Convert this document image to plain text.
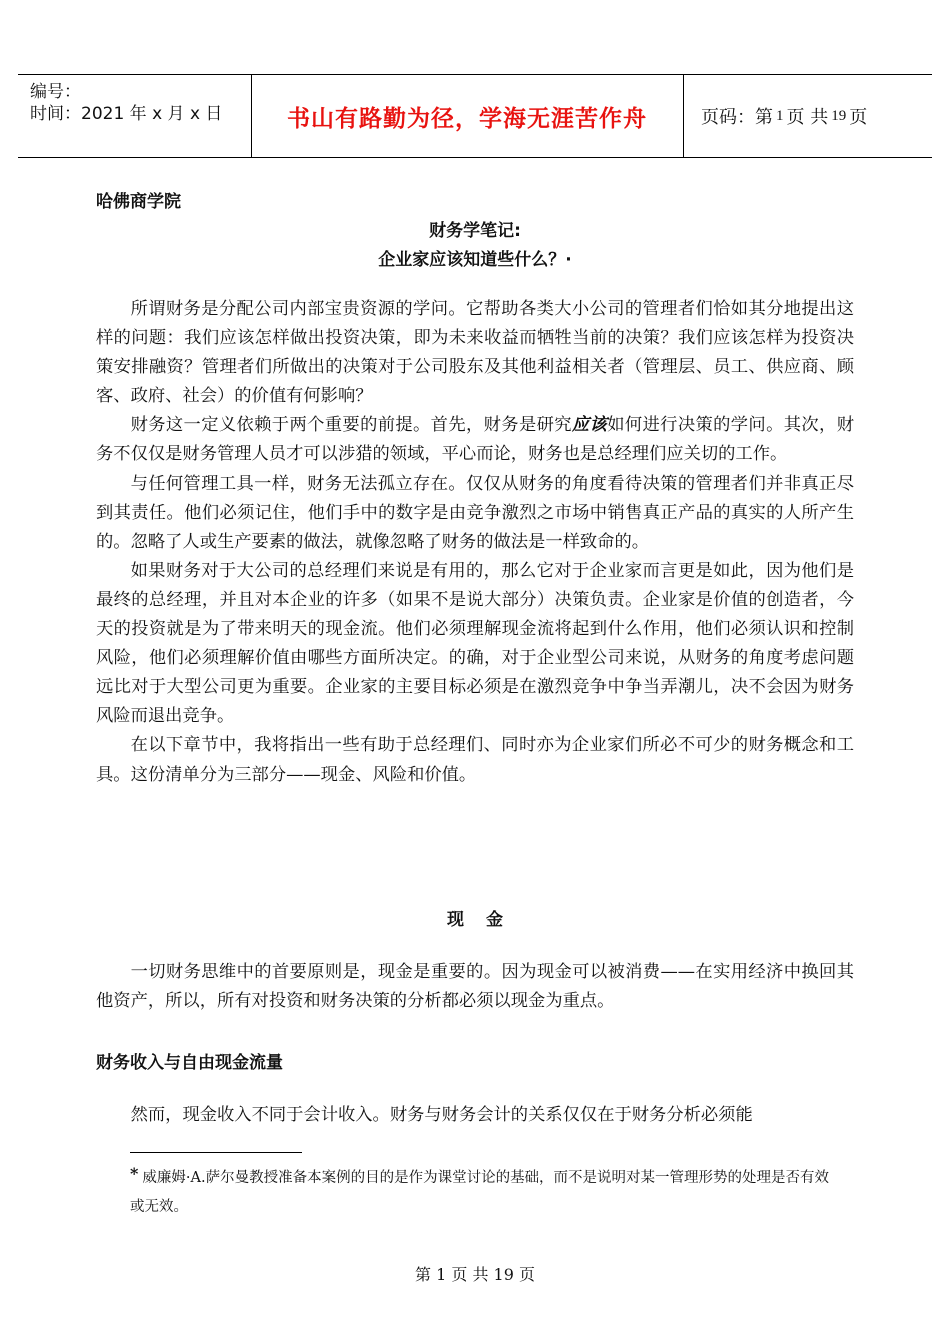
编号：
时间：2021 年 x 月 x 日	书山有路勤为径，学海无涯苦作舟	页码：第 1 页 共 19 页
哈佛商学院
财务学笔记:
企业家应该知道些什么？·

所谓财务是分配公司内部宝贵资源的学问。它帮助各类大小公司的管理者们恰如其分地提出这样的问题：我们应该怎样做出投资决策，即为未来收益而牺牲当前的决策？我们应该怎样为投资决策安排融资？管理者们所做出的决策对于公司股东及其他利益相关者（管理层、员工、供应商、顾客、政府、社会）的价值有何影响？

财务这一定义依赖于两个重要的前提。首先，财务是研究应该如何进行决策的学问。其次，财务不仅仅是财务管理人员才可以涉猎的领域，平心而论，财务也是总经理们应关切的工作。

与任何管理工具一样，财务无法孤立存在。仅仅从财务的角度看待决策的管理者们并非真正尽到其责任。他们必须记住，他们手中的数字是由竞争激烈之市场中销售真正产品的真实的人所产生的。忽略了人或生产要素的做法，就像忽略了财务的做法是一样致命的。

如果财务对于大公司的总经理们来说是有用的，那么它对于企业家而言更是如此，因为他们是最终的总经理，并且对本企业的许多（如果不是说大部分）决策负责。企业家是价值的创造者，今天的投资就是为了带来明天的现金流。他们必须理解现金流将起到什么作用，他们必须认识和控制风险，他们必须理解价值由哪些方面所决定。的确，对于企业型公司来说，从财务的角度考虑问题远比对于大型公司更为重要。企业家的主要目标必须是在激烈竞争中争当弄潮儿，决不会因为财务风险而退出竞争。

在以下章节中，我将指出一些有助于总经理们、同时亦为企业家们所必不可少的财务概念和工具。这份清单分为三部分——现金、风险和价值。

现金

一切财务思维中的首要原则是，现金是重要的。因为现金可以被消费——在实用经济中换回其他资产，所以，所有对投资和财务决策的分析都必须以现金为重点。

财务收入与自由现金流量

然而，现金收入不同于会计收入。财务与财务会计的关系仅仅在于财务分析必须能

* 威廉姆·A.萨尔曼教授准备本案例的目的是作为课堂讨论的基础，而不是说明对某一管理形势的处理是否有效或无效。
第 1 页 共 19 页
